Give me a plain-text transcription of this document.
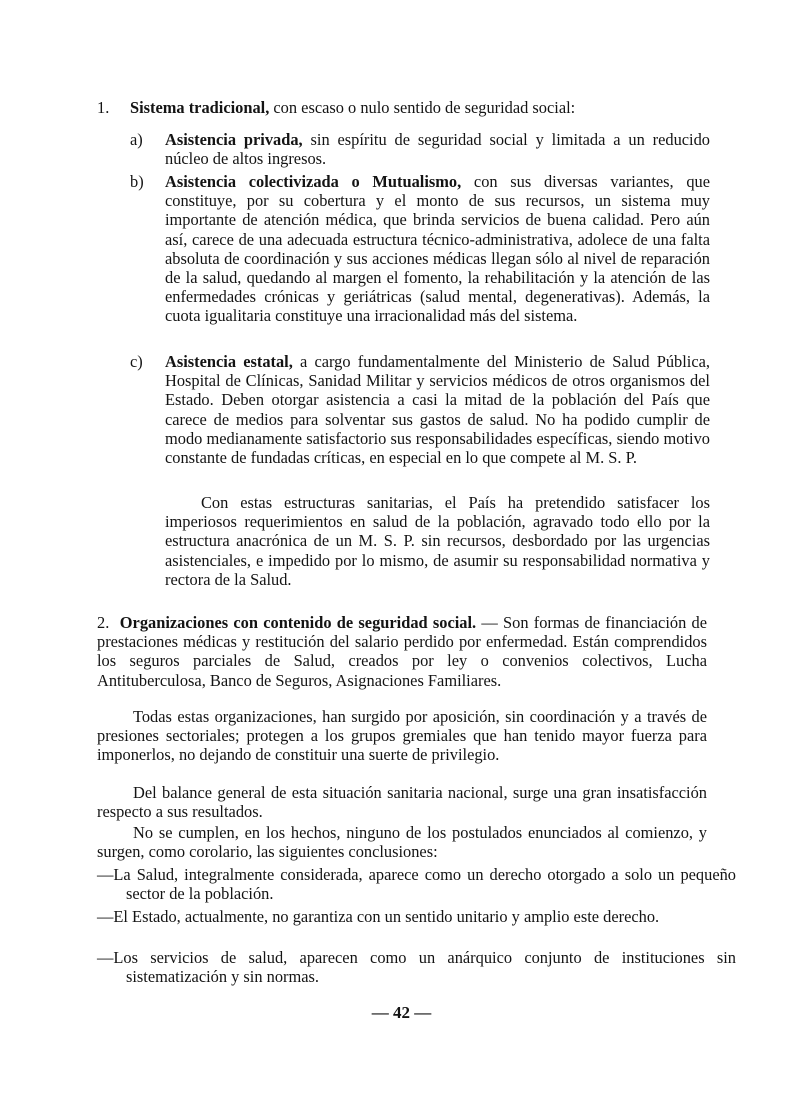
1. Sistema tradicional, con escaso o nulo sentido de seguridad social:
a) Asistencia privada, sin espíritu de seguridad social y limitada a un reducido núcleo de altos ingresos.
b) Asistencia colectivizada o Mutualismo, con sus diversas variantes, que constituye, por su cobertura y el monto de sus recursos, un sistema muy importante de atención médica, que brinda servicios de buena calidad. Pero aún así, carece de una adecuada estructura técnico-administrativa, adolece de una falta absoluta de coordinación y sus acciones médicas llegan sólo al nivel de reparación de la salud, quedando al margen el fomento, la rehabilitación y la atención de las enfermedades crónicas y geriátricas (salud mental, degenerativas). Además, la cuota igualitaria constituye una irracionalidad más del sistema.
c) Asistencia estatal, a cargo fundamentalmente del Ministerio de Salud Pública, Hospital de Clínicas, Sanidad Militar y servicios médicos de otros organismos del Estado. Deben otorgar asistencia a casi la mitad de la población del País que carece de medios para solventar sus gastos de salud. No ha podido cumplir de modo medianamente satisfactorio sus responsabilidades específicas, siendo motivo constante de fundadas críticas, en especial en lo que compete al M. S. P.
Con estas estructuras sanitarias, el País ha pretendido satisfacer los imperiosos requerimientos en salud de la población, agravado todo ello por la estructura anacrónica de un M. S. P. sin recursos, desbordado por las urgencias asistenciales, e impedido por lo mismo, de asumir su responsabilidad normativa y rectora de la Salud.
2. Organizaciones con contenido de seguridad social. — Son formas de financiación de prestaciones médicas y restitución del salario perdido por enfermedad. Están comprendidos los seguros parciales de Salud, creados por ley o convenios colectivos, Lucha Antituberculosa, Banco de Seguros, Asignaciones Familiares.
Todas estas organizaciones, han surgido por aposición, sin coordinación y a través de presiones sectoriales; protegen a los grupos gremiales que han tenido mayor fuerza para imponerlos, no dejando de constituir una suerte de privilegio.
Del balance general de esta situación sanitaria nacional, surge una gran insatisfacción respecto a sus resultados.
No se cumplen, en los hechos, ninguno de los postulados enunciados al comienzo, y surgen, como corolario, las siguientes conclusiones:
—La Salud, integralmente considerada, aparece como un derecho otorgado a solo un pequeño sector de la población.
—El Estado, actualmente, no garantiza con un sentido unitario y amplio este derecho.
—Los servicios de salud, aparecen como un anárquico conjunto de instituciones sin sistematización y sin normas.
— 42 —
